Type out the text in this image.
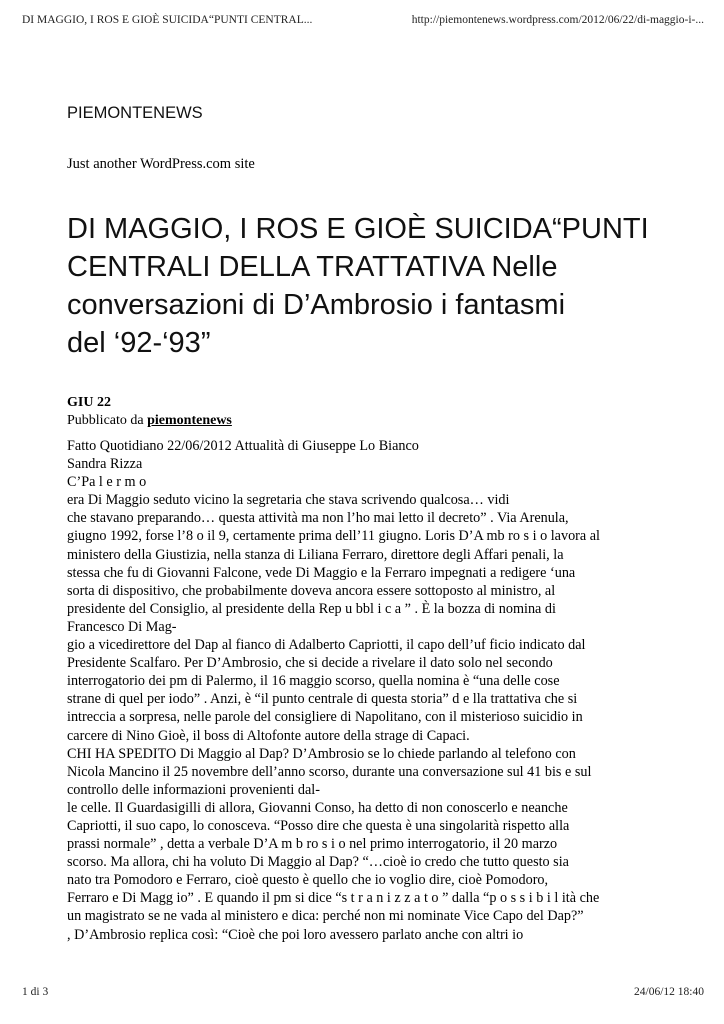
DI MAGGIO, I ROS E GIOÈ SUICIDA“PUNTI CENTRAL...	http://piemontenews.wordpress.com/2012/06/22/di-maggio-i-...
PIEMONTENEWS
Just another WordPress.com site
DI MAGGIO, I ROS E GIOÈ SUICIDA“PUNTI
CENTRALI DELLA TRATTATIVA Nelle
conversazioni di D’Ambrosio i fantasmi
del ‘92-‘93”
GIU 22
Pubblicato da piemontenews
Fatto Quotidiano 22/06/2012 Attualità di Giuseppe Lo Bianco
Sandra Rizza
C’Pa l e r m o
era Di Maggio seduto vicino la segretaria che stava scrivendo qualcosa… vidi
che stavano preparando… questa attività ma non l’ho mai letto il decreto” . Via Arenula,
giugno 1992, forse l’8 o il 9, certamente prima dell’11 giugno. Loris D’A mb ro s i o lavora al
ministero della Giustizia, nella stanza di Liliana Ferraro, direttore degli Affari penali, la
stessa che fu di Giovanni Falcone, vede Di Maggio e la Ferraro impegnati a redigere ‘una
sorta di dispositivo, che probabilmente doveva ancora essere sottoposto al ministro, al
presidente del Consiglio, al presidente della Rep u bbl i c a ” . È la bozza di nomina di
Francesco Di Mag-
gio a vicedirettore del Dap al fianco di Adalberto Capriotti, il capo dell’uf ficio indicato dal
Presidente Scalfaro. Per D’Ambrosio, che si decide a rivelare il dato solo nel secondo
interrogatorio dei pm di Palermo, il 16 maggio scorso, quella nomina è “una delle cose
strane di quel per iodo” . Anzi, è “il punto centrale di questa storia” d e lla trattativa che si
intreccia a sorpresa, nelle parole del consigliere di Napolitano, con il misterioso suicidio in
carcere di Nino Gioè, il boss di Altofonte autore della strage di Capaci.
CHI HA SPEDITO Di Maggio al Dap? D’Ambrosio se lo chiede parlando al telefono con
Nicola Mancino il 25 novembre dell’anno scorso, durante una conversazione sul 41 bis e sul
controllo delle informazioni provenienti dal-
le celle. Il Guardasigilli di allora, Giovanni Conso, ha detto di non conoscerlo e neanche
Capriotti, il suo capo, lo conosceva. “Posso dire che questa è una singolarità rispetto alla
prassi normale” , detta a verbale D’A m b ro s i o nel primo interrogatorio, il 20 marzo
scorso. Ma allora, chi ha voluto Di Maggio al Dap? “…cioè io credo che tutto questo sia
nato tra Pomodoro e Ferraro, cioè questo è quello che io voglio dire, cioè Pomodoro,
Ferraro e Di Magg io” . E quando il pm si dice “s t r a n i z z a t o ” dalla “p o s s i b i l ità che
un magistrato se ne vada al ministero e dica: perché non mi nominate Vice Capo del Dap?”
, D’Ambrosio replica così: “Cioè che poi loro avessero parlato anche con altri io
1 di 3	24/06/12 18:40
